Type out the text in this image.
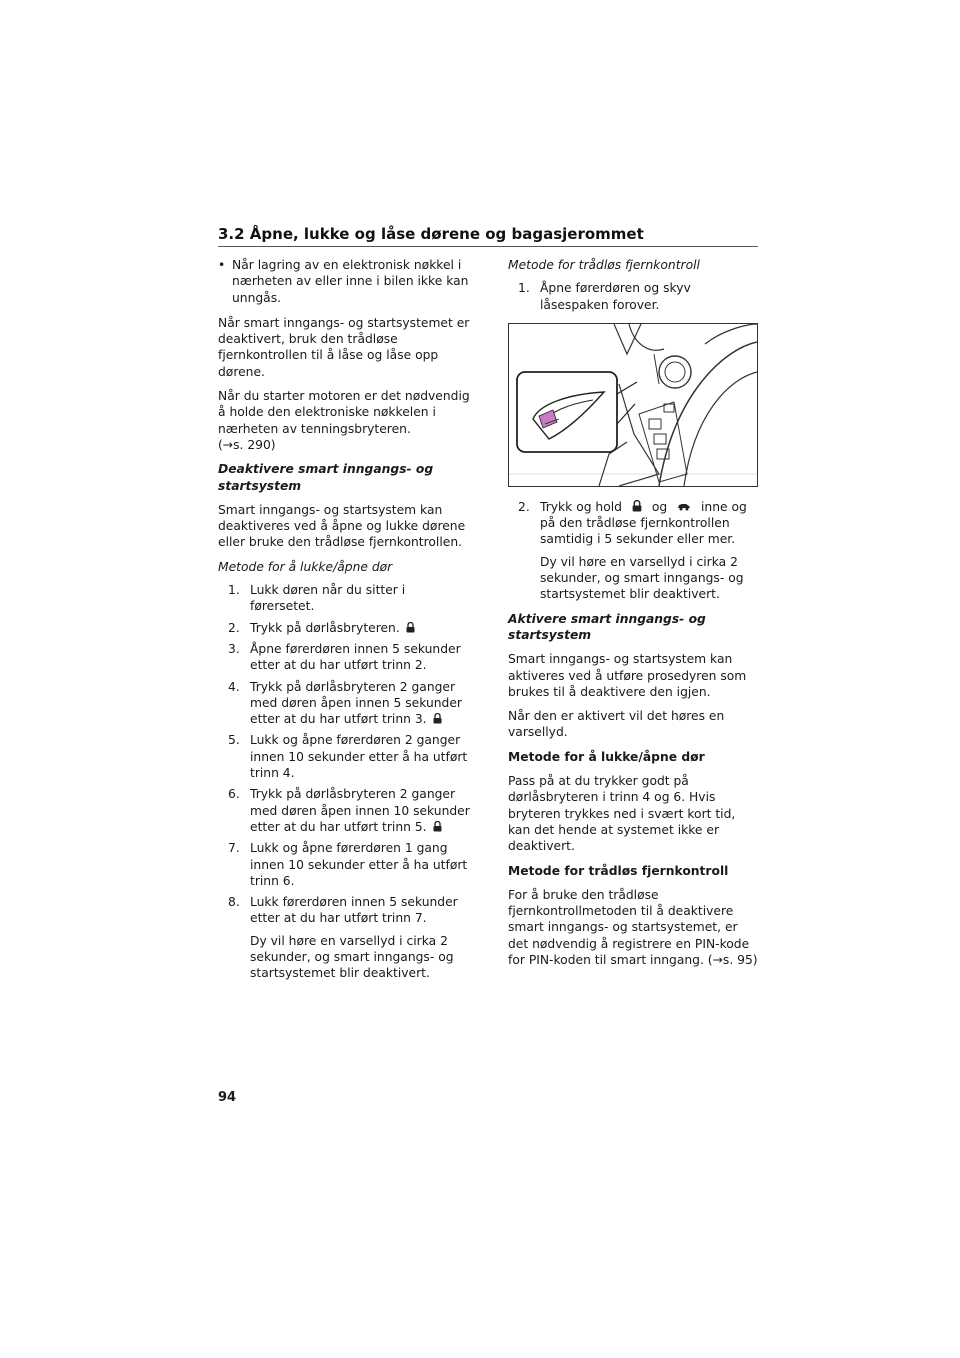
3.2 Åpne, lukke og låse dørene og bagasjerommet
• Når lagring av en elektronisk nøkkel i nærheten av eller inne i bilen ikke kan unngås.

Når smart inngangs- og startsystemet er deaktivert, bruk den trådløse fjernkontrollen til å låse og låse opp dørene.

Når du starter motoren er det nødvendig å holde den elektroniske nøkkelen i nærheten av tenningsbryteren.
(→s. 290)

Deaktivere smart inngangs- og startsystem

Smart inngangs- og startsystem kan deaktiveres ved å åpne og lukke dørene eller bruke den trådløse fjernkontrollen.

Metode for å lukke/åpne dør
1. Lukk døren når du sitter i førersetet.
2. Trykk på dørlåsbryteren.
3. Åpne førerdøren innen 5 sekunder etter at du har utført trinn 2.
4. Trykk på dørlåsbryteren 2 ganger med døren åpen innen 5 sekunder etter at du har utført trinn 3.
5. Lukk og åpne førerdøren 2 ganger innen 10 sekunder etter å ha utført trinn 4.
6. Trykk på dørlåsbryteren 2 ganger med døren åpen innen 10 sekunder etter at du har utført trinn 5.
7. Lukk og åpne førerdøren 1 gang innen 10 sekunder etter å ha utført trinn 6.
8. Lukk førerdøren innen 5 sekunder etter at du har utført trinn 7.

Dy vil høre en varsellyd i cirka 2 sekunder, og smart inngangs- og startsystemet blir deaktivert.

Metode for trådløs fjernkontroll
1. Åpne førerdøren og skyv låsespaken forover.
2. Trykk og hold og	inne og på den trådløse fjernkontrollen samtidig i 5 sekunder eller mer.

Dy vil høre en varsellyd i cirka 2 sekunder, og smart inngangs- og startsystemet blir deaktivert.

Aktivere smart inngangs- og startsystem

Smart inngangs- og startsystem kan aktiveres ved å utføre prosedyren som brukes til å deaktivere den igjen.

Når den er aktivert vil det høres en varsellyd.

Metode for å lukke/åpne dør

Pass på at du trykker godt på dørlåsbryteren i trinn 4 og 6. Hvis bryteren trykkes ned i svært kort tid, kan det hende at systemet ikke er deaktivert.

Metode for trådløs fjernkontroll

For å bruke den trådløse fjernkontrollmetoden til å deaktivere smart inngangs- og startsystemet, er det nødvendig å registrere en PIN-kode for PIN-koden til smart inngang. (→s. 95)

94
